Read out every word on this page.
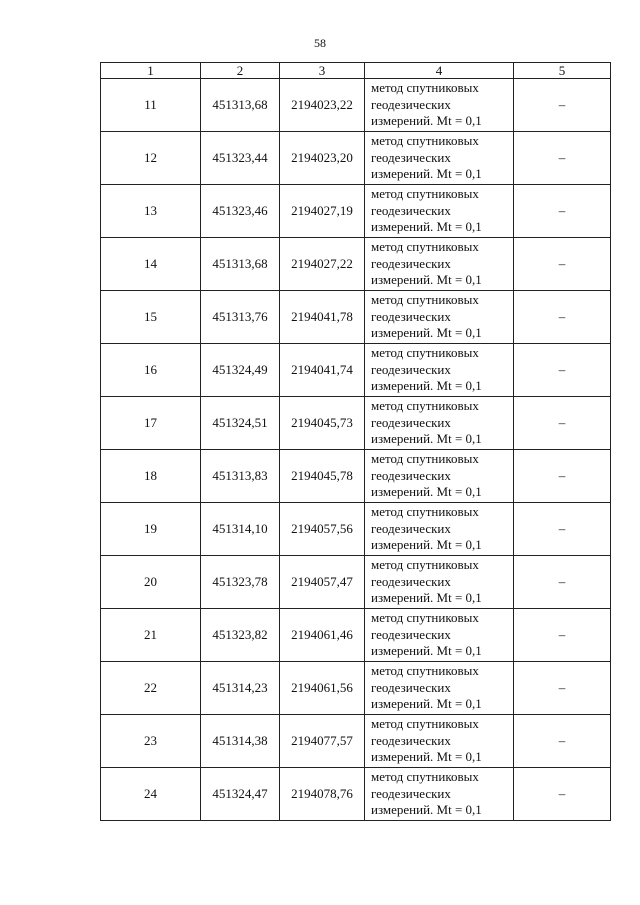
58
1	2	3	4	5
11	451313,68	2194023,22	метод спутниковых геодезических измерений. Mt = 0,1	–
12	451323,44	2194023,20	метод спутниковых геодезических измерений. Mt = 0,1	–
13	451323,46	2194027,19	метод спутниковых геодезических измерений. Mt = 0,1	–
14	451313,68	2194027,22	метод спутниковых геодезических измерений. Mt = 0,1	–
15	451313,76	2194041,78	метод спутниковых геодезических измерений. Mt = 0,1	–
16	451324,49	2194041,74	метод спутниковых геодезических измерений. Mt = 0,1	–
17	451324,51	2194045,73	метод спутниковых геодезических измерений. Mt = 0,1	–
18	451313,83	2194045,78	метод спутниковых геодезических измерений. Mt = 0,1	–
19	451314,10	2194057,56	метод спутниковых геодезических измерений. Mt = 0,1	–
20	451323,78	2194057,47	метод спутниковых геодезических измерений. Mt = 0,1	–
21	451323,82	2194061,46	метод спутниковых геодезических измерений. Mt = 0,1	–
22	451314,23	2194061,56	метод спутниковых геодезических измерений. Mt = 0,1	–
23	451314,38	2194077,57	метод спутниковых геодезических измерений. Mt = 0,1	–
24	451324,47	2194078,76	метод спутниковых геодезических измерений. Mt = 0,1	–
